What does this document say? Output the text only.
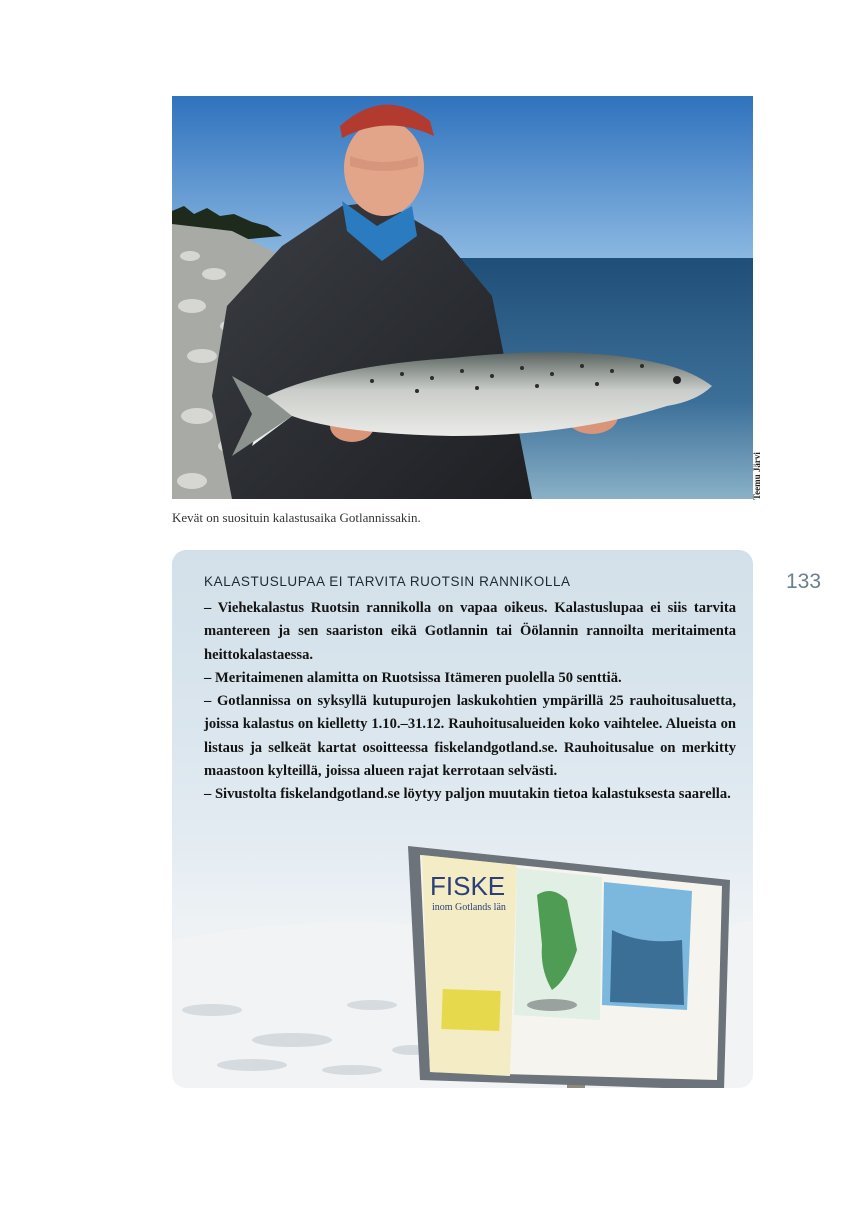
Teemu Järvi
Kevät on suosituin kalastusaika Gotlannissakin.
133
FISKE
inom Gotlands län
KALASTUSLUPAA EI TARVITA RUOTSIN RANNIKOLLA

– Viehekalastus Ruotsin rannikolla on vapaa oikeus. Kalastuslupaa ei siis tarvita mantereen ja sen saariston eikä Gotlannin tai Öölannin rannoilta meritaimenta heittokalastaessa.

– Meritaimenen alamitta on Ruotsissa Itämeren puolella 50 senttiä.

– Gotlannissa on syksyllä kutupurojen laskukohtien ympärillä 25 rauhoitusaluetta, joissa kalastus on kielletty 1.10.–31.12. Rauhoitusalueiden koko vaihtelee. Alueista on listaus ja selkeät kartat osoitteessa fiskelandgotland.se. Rauhoitusalue on merkitty maastoon kylteillä, joissa alueen rajat kerrotaan selvästi.

– Sivustolta fiskelandgotland.se löytyy paljon muutakin tietoa kalastuksesta saarella.
